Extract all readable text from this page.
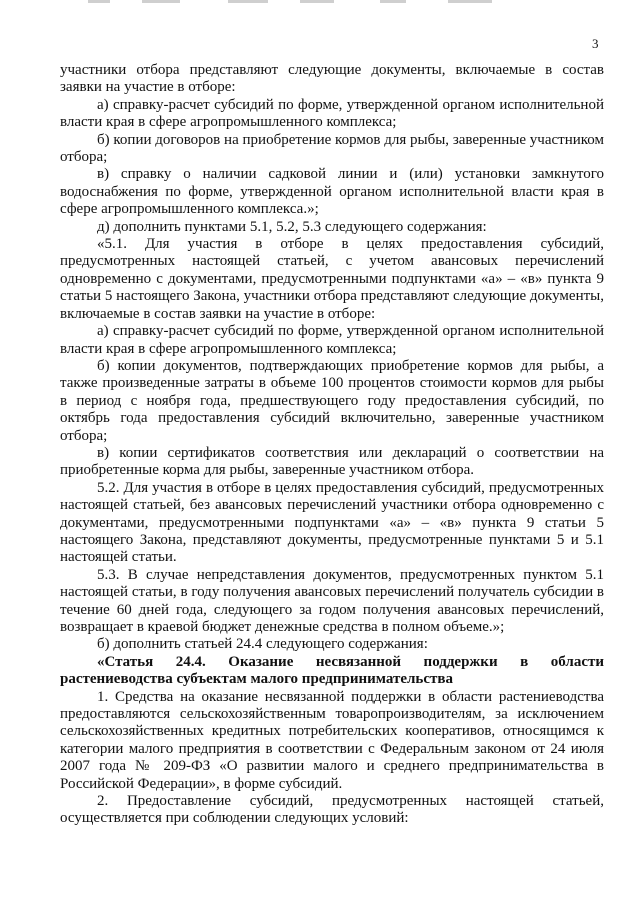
3

участники отбора представляют следующие документы, включаемые в состав заявки на участие в отборе:

а) справку-расчет субсидий по форме, утвержденной органом исполнительной власти края в сфере агропромышленного комплекса;

б) копии договоров на приобретение кормов для рыбы, заверенные участником отбора;

в) справку о наличии садковой линии и (или) установки замкнутого водоснабжения по форме, утвержденной органом исполнительной власти края в сфере агропромышленного комплекса.»;

д) дополнить пунктами 5.1, 5.2, 5.3 следующего содержания:

«5.1. Для участия в отборе в целях предоставления субсидий, предусмотренных настоящей статьей, с учетом авансовых перечислений одновременно с документами, предусмотренными подпунктами «а» – «в» пункта 9 статьи 5 настоящего Закона, участники отбора представляют следующие документы, включаемые в состав заявки на участие в отборе:

а) справку-расчет субсидий по форме, утвержденной органом исполнительной власти края в сфере агропромышленного комплекса;

б) копии документов, подтверждающих приобретение кормов для рыбы, а также произведенные затраты в объеме 100 процентов стоимости кормов для рыбы в период с ноября года, предшествующего году предоставления субсидий, по октябрь года предоставления субсидий включительно, заверенные участником отбора;

в) копии сертификатов соответствия или деклараций о соответствии на приобретенные корма для рыбы, заверенные участником отбора.

5.2. Для участия в отборе в целях предоставления субсидий, предусмотренных настоящей статьей, без авансовых перечислений участники отбора одновременно с документами, предусмотренными подпунктами «а» – «в» пункта 9 статьи 5 настоящего Закона, представляют документы, предусмотренные пунктами 5 и 5.1 настоящей статьи.

5.3. В случае непредставления документов, предусмотренных пунктом 5.1 настоящей статьи, в году получения авансовых перечислений получатель субсидии в течение 60 дней года, следующего за годом получения авансовых перечислений, возвращает в краевой бюджет денежные средства в полном объеме.»;

б) дополнить статьей 24.4 следующего содержания:

«Статья 24.4. Оказание несвязанной поддержки в области растениеводства субъектам малого предпринимательства

1. Средства на оказание несвязанной поддержки в области растениеводства предоставляются сельскохозяйственным товаропроизводителям, за исключением сельскохозяйственных кредитных потребительских кооперативов, относящимся к категории малого предприятия в соответствии с Федеральным законом от 24 июля 2007 года № 209-ФЗ «О развитии малого и среднего предпринимательства в Российской Федерации», в форме субсидий.

2. Предоставление субсидий, предусмотренных настоящей статьей, осуществляется при соблюдении следующих условий:
